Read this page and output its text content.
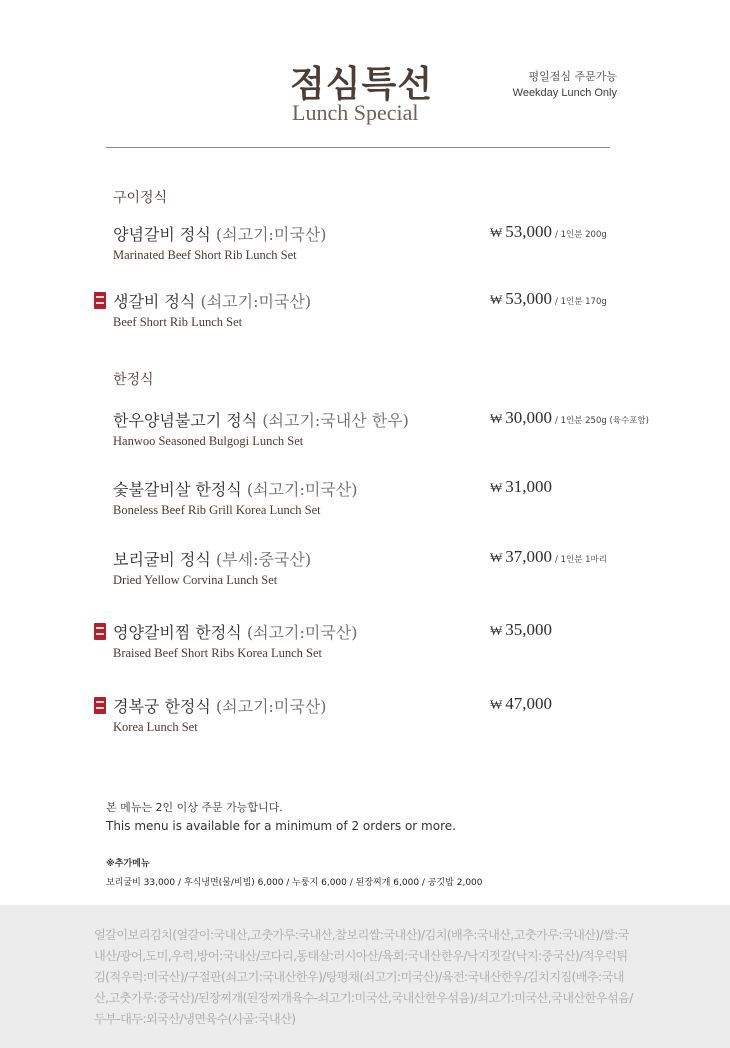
점심특선
Lunch Special
평일점심 주문가능
Weekday Lunch Only
구이정식
양념갈비 정식 (쇠고기:미국산)
Marinated Beef Short Rib Lunch Set
₩ 53,000 / 1인분 200g
생갈비 정식 (쇠고기:미국산)
Beef Short Rib Lunch Set
₩ 53,000 / 1인분 170g
한정식
한우양념불고기 정식 (쇠고기:국내산 한우)
Hanwoo Seasoned Bulgogi Lunch Set
₩ 30,000 / 1인분 250g (육수포함)
숯불갈비살 한정식 (쇠고기:미국산)
Boneless Beef Rib Grill Korea Lunch Set
₩ 31,000
보리굴비 정식 (부세:중국산)
Dried Yellow Corvina Lunch Set
₩ 37,000 / 1인분 1마리
영양갈비찜 한정식 (쇠고기:미국산)
Braised Beef Short Ribs Korea Lunch Set
₩ 35,000
경복궁 한정식 (쇠고기:미국산)
Korea Lunch Set
₩ 47,000
본 메뉴는 2인 이상 주문 가능합니다.
This menu is available for a minimum of 2 orders or more.
※추가메뉴
보리굴비 33,000 / 후식냉면(물/비빔) 6,000 / 누룽지 6,000 / 된장찌개 6,000 / 공깃밥 2,000
얼갈이보리김치(얼갈이:국내산,고춧가루:국내산,찰보리쌀:국내산)/김치(배추:국내산,고춧가루:국내산)/쌀:국내산/광어,도미,우럭,방어:국내산/코다리,동태살:러시아산/육회:국내산한우/낙지젓갈(낙지:중국산)/적우럭튀김(적우럭:미국산)/구절판(쇠고기:국내산한우)/탕평채(쇠고기:미국산)/육전:국내산한우/김치지짐(배추:국내산,고춧가루:중국산)/된장찌개(된장찌개육수-쇠고기:미국산,국내산한우섞음)/쇠고기:미국산,국내산한우섞음/두부-대두:외국산/냉면육수(사골:국내산)
